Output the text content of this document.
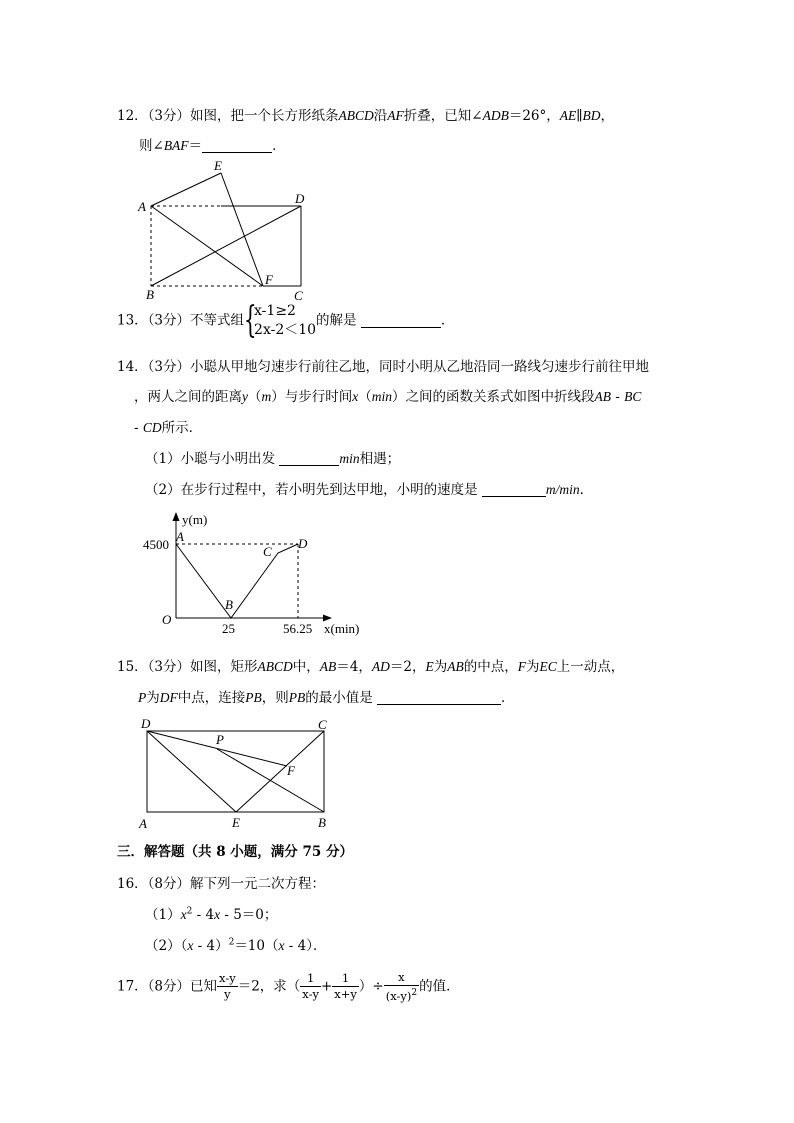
12．（3分）如图，把一个长方形纸条ABCD沿AF折叠，已知∠ADB＝26°，AE∥BD，
则∠BAF＝	．
A
B	C
D
E
F
13．（3分）不等式组 {
x-1≥2
2x-2＜10
的解是	．
14．（3分）小聪从甲地匀速步行前往乙地，同时小明从乙地沿同一路线匀速步行前往甲地
，两人之间的距离y（m）与步行时间x（min）之间的函数关系式如图中折线段AB - BC
- CD所示．
（1）小聪与小明出发	min相遇；
（2）在步行过程中，若小明先到达甲地，小明的速度是	m/min．
y(m)
x(min)
O
4500
25	56.25
A
B
C
D
15．（3分）如图，矩形ABCD中，AB＝4，AD＝2，E为AB的中点，F为EC上一动点，
P为DF中点，连接PB，则PB的最小值是	．
D	C
A	E	B
P
F
三．解答题（共 8 小题，满分 75 分）
16．（8分）解下列一元二次方程：
$(1)x^2 - 4x - 5=0$；
（2）（x - 4）$^2$＝10（x - 4）．
17．（8分）已知 $\frac{x-y}{y} =2$，求（ $\frac{1}{x-y} + \frac{1}{x+y}$ ）÷ $\frac{x}{(x-y)^2}$ 的值．
